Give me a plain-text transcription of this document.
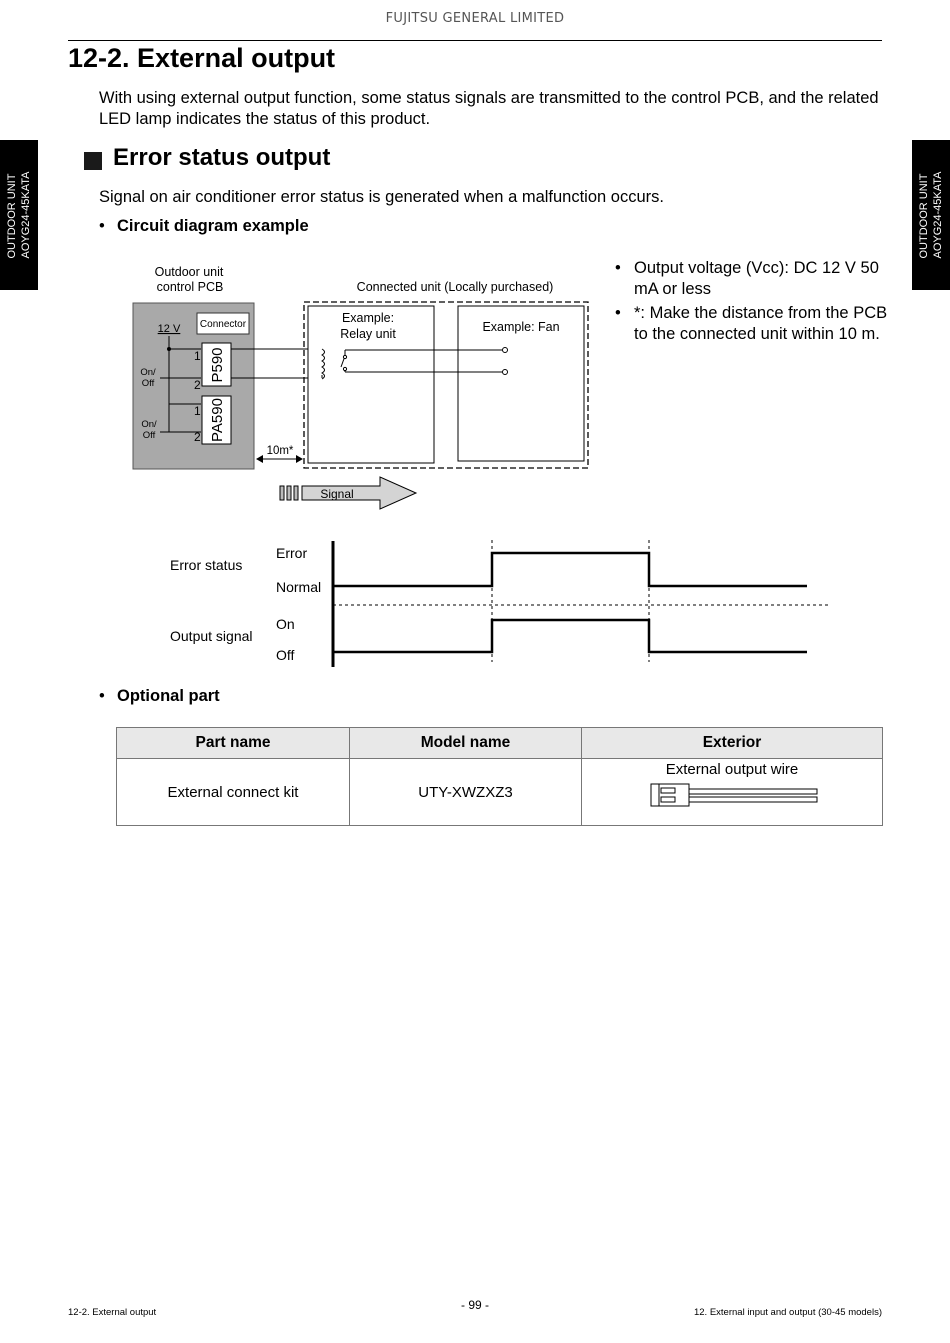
FUJITSU GENERAL LIMITED
12-2. External output

With using external output function, some status signals are transmitted to the control PCB, and the related LED lamp indicates the status of this product.

OUTDOOR UNIT AOYG24-45KATA	OUTDOOR UNIT AOYG24-45KATA
Error status output

Signal on air conditioner error status is generated when a malfunction occurs.

• Circuit diagram example
Outdoor unit
control PCB	Connected unit (Locally purchased)
Connector
12 V
On/
Off
On/
Off
1
2
1
2
P590
PA590
Example:
Relay unit	Example: Fan
10m*
Signal
• Output voltage (Vcc): DC 12 V 50 mA or less
• *: Make the distance from the PCB to the connected unit within 10 m.
Error status
Output signal
Error
Normal
On
Off
• Optional part
Part name	Model name	Exterior
External connect kit	UTY-XWZXZ3	External output wire
- 99 -
12-2. External output	12. External input and output (30-45 models)
